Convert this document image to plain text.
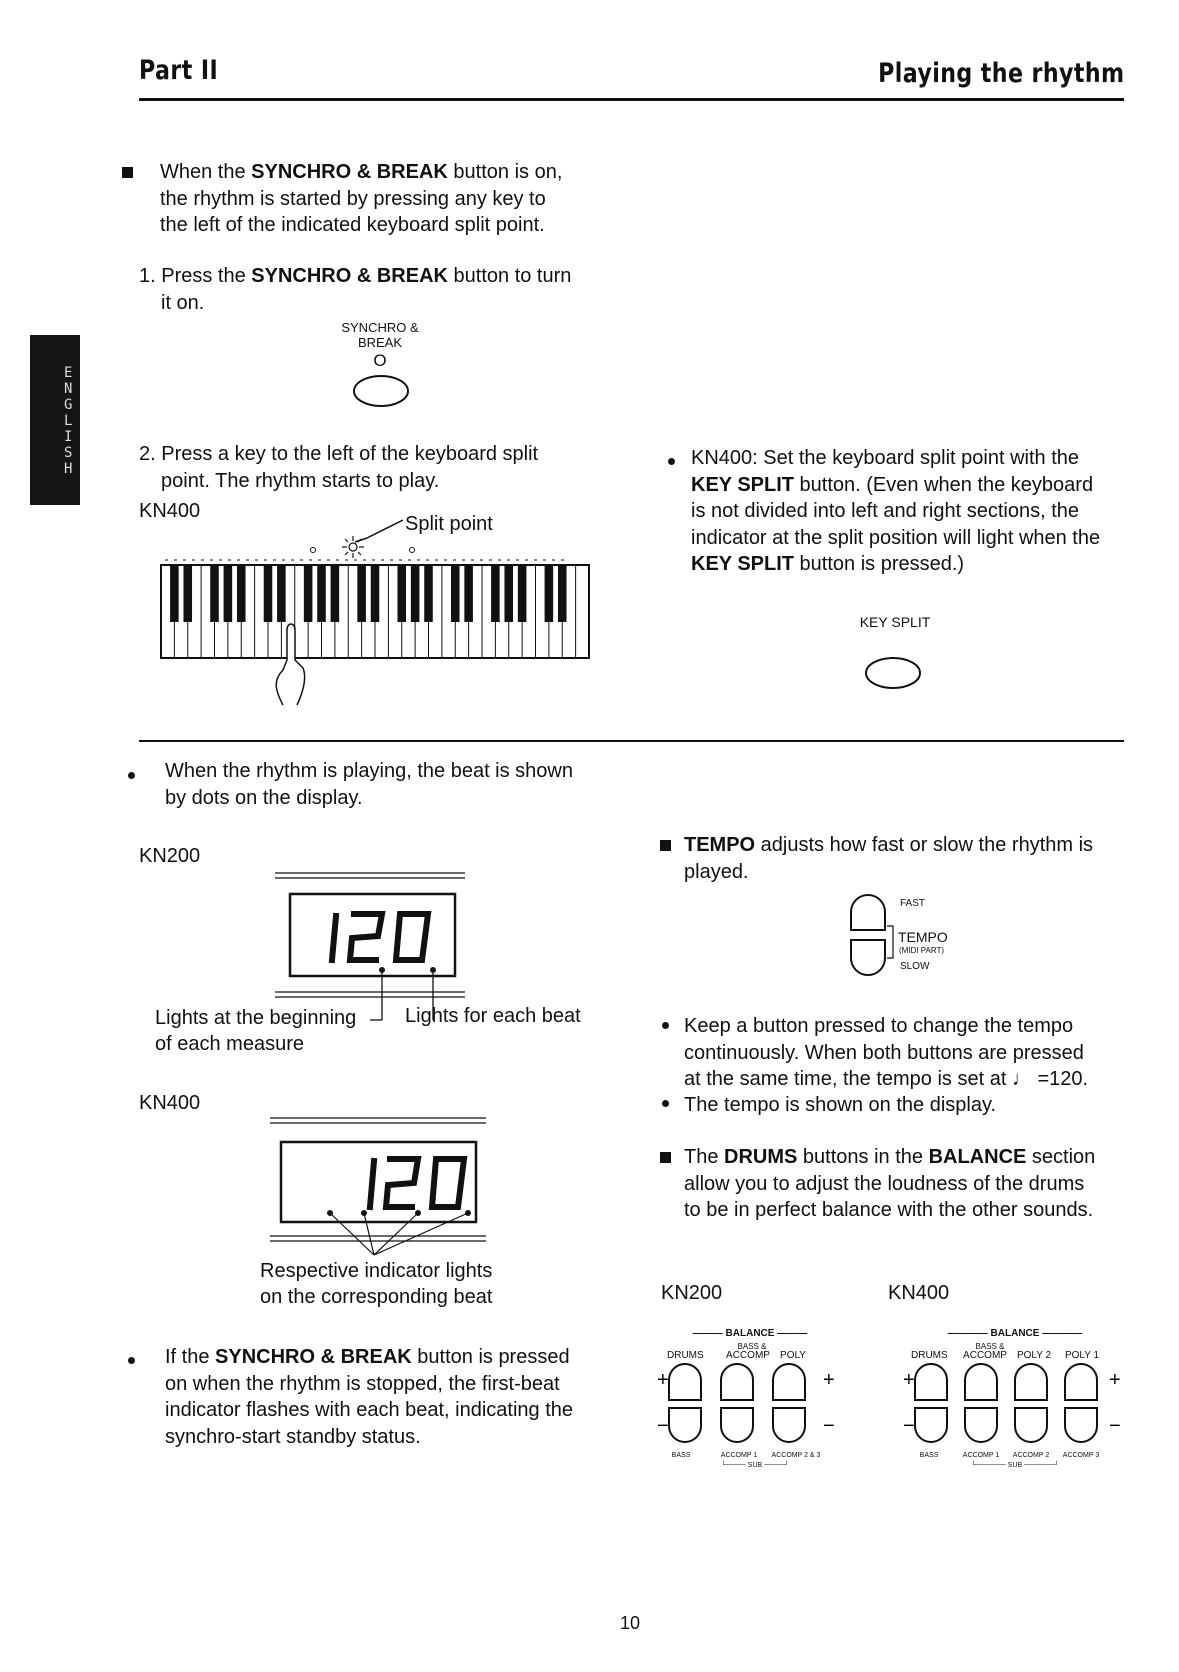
Part II	Playing the rhythm
E
N
G
L
I
S
H
When the SYNCHRO & BREAK button is on,
the rhythm is started by pressing any key to
the left of the indicated keyboard split point.
1. Press the SYNCHRO & BREAK button to turn
it on.
SYNCHRO &
BREAK
O
2. Press a key to the left of the keyboard split
point. The rhythm starts to play.
KN400
Split point
KN400: Set the keyboard split point with the
KEY SPLIT button. (Even when the keyboard
is not divided into left and right sections, the
indicator at the split position will light when the
KEY SPLIT button is pressed.)
KEY SPLIT
When the rhythm is playing, the beat is shown
by dots on the display.
KN200
Lights at the beginning
of each measure
Lights for each beat
KN400
Respective indicator lights
on the corresponding beat
If the SYNCHRO & BREAK button is pressed
on when the rhythm is stopped, the first-beat
indicator flashes with each beat, indicating the
synchro-start standby status.
TEMPO adjusts how fast or slow the rhythm is
played.
FAST
TEMPO
(MIDI PART)
SLOW
Keep a button pressed to change the tempo
continuously. When both buttons are pressed
at the same time, the tempo is set at ♩ =120.
The tempo is shown on the display.
The DRUMS buttons in the BALANCE section
allow you to adjust the loudness of the drums
to be in perfect balance with the other sounds.
KN200	KN400
——— BALANCE ———
BASS &
DRUMS	ACCOMP	POLY
+	+
−	−
BASS	ACCOMP 1	ACCOMP 2 & 3
└──── SUB ────┘
———— BALANCE ————
BASS &
DRUMS	ACCOMP POLY 2	POLY 1
+	+
−	−
BASS	ACCOMP 1	ACCOMP 2	ACCOMP 3
└────── SUB ──────┘
10
